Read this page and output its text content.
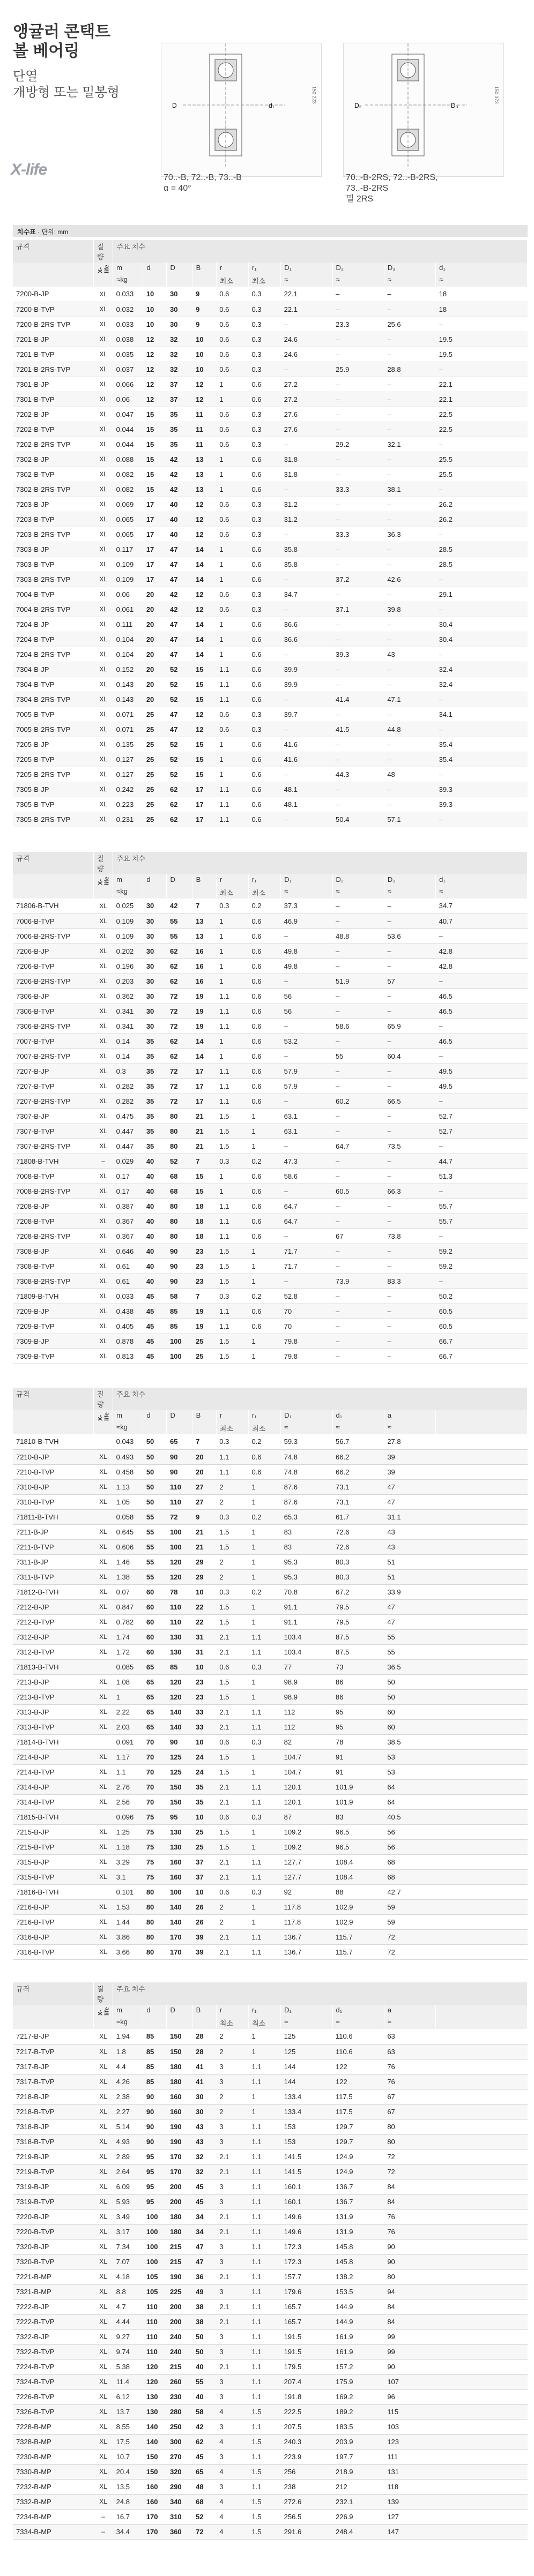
앵귤러 콘택트
볼 베어링
단열
개방형 또는 밀봉형
X-life
D	d₁
150 223
D₂	D₃
150 373
70..-B, 72..-B, 73..-B
α = 40°
70..-B-2RS, 72..-B-2RS,
73..-B-2RS
밀 2RS
치수표 · 단위: mm
규격	질량	주요 치수									
	X-life	m	d	D	B	r	r₁	D₁	D₂	D₃	d₁
		≈kg				최소	최소	≈	≈	≈	≈
7200-B-JP	XL	0.033	10	30	9	0.6	0.3	22.1	–	–	18
7200-B-TVP	XL	0.032	10	30	9	0.6	0.3	22.1	–	–	18
7200-B-2RS-TVP	XL	0.033	10	30	9	0.6	0.3	–	23.3	25.6	–
7201-B-JP	XL	0.038	12	32	10	0.6	0.3	24.6	–	–	19.5
7201-B-TVP	XL	0.035	12	32	10	0.6	0.3	24.6	–	–	19.5
7201-B-2RS-TVP	XL	0.037	12	32	10	0.6	0.3	–	25.9	28.8	–
7301-B-JP	XL	0.066	12	37	12	1	0.6	27.2	–	–	22.1
7301-B-TVP	XL	0.06	12	37	12	1	0.6	27.2	–	–	22.1
7202-B-JP	XL	0.047	15	35	11	0.6	0.3	27.6	–	–	22.5
7202-B-TVP	XL	0.044	15	35	11	0.6	0.3	27.6	–	–	22.5
7202-B-2RS-TVP	XL	0.044	15	35	11	0.6	0.3	–	29.2	32.1	–
7302-B-JP	XL	0.088	15	42	13	1	0.6	31.8	–	–	25.5
7302-B-TVP	XL	0.082	15	42	13	1	0.6	31.8	–	–	25.5
7302-B-2RS-TVP	XL	0.082	15	42	13	1	0.6	–	33.3	38.1	–
7203-B-JP	XL	0.069	17	40	12	0.6	0.3	31.2	–	–	26.2
7203-B-TVP	XL	0.065	17	40	12	0.6	0.3	31.2	–	–	26.2
7203-B-2RS-TVP	XL	0.065	17	40	12	0.6	0.3	–	33.3	36.3	–
7303-B-JP	XL	0.117	17	47	14	1	0.6	35.8	–	–	28.5
7303-B-TVP	XL	0.109	17	47	14	1	0.6	35.8	–	–	28.5
7303-B-2RS-TVP	XL	0.109	17	47	14	1	0.6	–	37.2	42.6	–
7004-B-TVP	XL	0.06	20	42	12	0.6	0.3	34.7	–	–	29.1
7004-B-2RS-TVP	XL	0.061	20	42	12	0.6	0.3	–	37.1	39.8	–
7204-B-JP	XL	0.111	20	47	14	1	0.6	36.6	–	–	30.4
7204-B-TVP	XL	0.104	20	47	14	1	0.6	36.6	–	–	30.4
7204-B-2RS-TVP	XL	0.104	20	47	14	1	0.6	–	39.3	43	–
7304-B-JP	XL	0.152	20	52	15	1.1	0.6	39.9	–	–	32.4
7304-B-TVP	XL	0.143	20	52	15	1.1	0.6	39.9	–	–	32.4
7304-B-2RS-TVP	XL	0.143	20	52	15	1.1	0.6	–	41.4	47.1	–
7005-B-TVP	XL	0.071	25	47	12	0.6	0.3	39.7	–	–	34.1
7005-B-2RS-TVP	XL	0.071	25	47	12	0.6	0.3	–	41.5	44.8	–
7205-B-JP	XL	0.135	25	52	15	1	0.6	41.6	–	–	35.4
7205-B-TVP	XL	0.127	25	52	15	1	0.6	41.6	–	–	35.4
7205-B-2RS-TVP	XL	0.127	25	52	15	1	0.6	–	44.3	48	–
7305-B-JP	XL	0.242	25	62	17	1.1	0.6	48.1	–	–	39.3
7305-B-TVP	XL	0.223	25	62	17	1.1	0.6	48.1	–	–	39.3
7305-B-2RS-TVP	XL	0.231	25	62	17	1.1	0.6	–	50.4	57.1	–
규격	질량	주요 치수									
	X-life	m	d	D	B	r	r₁	D₁	D₂	D₃	d₁
		≈kg				최소	최소	≈	≈	≈	≈
71806-B-TVH	XL	0.025	30	42	7	0.3	0.2	37.3	–	–	34.7
7006-B-TVP	XL	0.109	30	55	13	1	0.6	46.9	–	–	40.7
7006-B-2RS-TVP	XL	0.109	30	55	13	1	0.6	–	48.8	53.6	–
7206-B-JP	XL	0.202	30	62	16	1	0.6	49.8	–	–	42.8
7206-B-TVP	XL	0.196	30	62	16	1	0.6	49.8	–	–	42.8
7206-B-2RS-TVP	XL	0.203	30	62	16	1	0.6	–	51.9	57	–
7306-B-JP	XL	0.362	30	72	19	1.1	0.6	56	–	–	46.5
7306-B-TVP	XL	0.341	30	72	19	1.1	0.6	56	–	–	46.5
7306-B-2RS-TVP	XL	0.341	30	72	19	1.1	0.6	–	58.6	65.9	–
7007-B-TVP	XL	0.14	35	62	14	1	0.6	53.2	–	–	46.5
7007-B-2RS-TVP	XL	0.14	35	62	14	1	0.6	–	55	60.4	–
7207-B-JP	XL	0.3	35	72	17	1.1	0.6	57.9	–	–	49.5
7207-B-TVP	XL	0.282	35	72	17	1.1	0.6	57.9	–	–	49.5
7207-B-2RS-TVP	XL	0.282	35	72	17	1.1	0.6	–	60.2	66.5	–
7307-B-JP	XL	0.475	35	80	21	1.5	1	63.1	–	–	52.7
7307-B-TVP	XL	0.447	35	80	21	1.5	1	63.1	–	–	52.7
7307-B-2RS-TVP	XL	0.447	35	80	21	1.5	1	–	64.7	73.5	–
71808-B-TVH	–	0.029	40	52	7	0.3	0.2	47.3	–	–	44.7
7008-B-TVP	XL	0.17	40	68	15	1	0.6	58.6	–	–	51.3
7008-B-2RS-TVP	XL	0.17	40	68	15	1	0.6	–	60.5	66.3	–
7208-B-JP	XL	0.387	40	80	18	1.1	0.6	64.7	–	–	55.7
7208-B-TVP	XL	0.367	40	80	18	1.1	0.6	64.7	–	–	55.7
7208-B-2RS-TVP	XL	0.367	40	80	18	1.1	0.6	–	67	73.8	–
7308-B-JP	XL	0.646	40	90	23	1.5	1	71.7	–	–	59.2
7308-B-TVP	XL	0.61	40	90	23	1.5	1	71.7	–	–	59.2
7308-B-2RS-TVP	XL	0.61	40	90	23	1.5	1	–	73.9	83.3	–
71809-B-TVH	XL	0.033	45	58	7	0.3	0.2	52.8	–	–	50.2
7209-B-JP	XL	0.438	45	85	19	1.1	0.6	70	–	–	60.5
7209-B-TVP	XL	0.405	45	85	19	1.1	0.6	70	–	–	60.5
7309-B-JP	XL	0.878	45	100	25	1.5	1	79.8	–	–	66.7
7309-B-TVP	XL	0.813	45	100	25	1.5	1	79.8	–	–	66.7
규격	질량	주요 치수									
	X-life	m	d	D	B	r	r₁	D₁	d₁	a	
		≈kg				최소	최소	≈	≈	≈	
71810-B-TVH		0.043	50	65	7	0.3	0.2	59.3	56.7	27.8	
7210-B-JP	XL	0.493	50	90	20	1.1	0.6	74.8	66.2	39	
7210-B-TVP	XL	0.458	50	90	20	1.1	0.6	74.8	66.2	39	
7310-B-JP	XL	1.13	50	110	27	2	1	87.6	73.1	47	
7310-B-TVP	XL	1.05	50	110	27	2	1	87.6	73.1	47	
71811-B-TVH		0.058	55	72	9	0.3	0.2	65.3	61.7	31.1	
7211-B-JP	XL	0.645	55	100	21	1.5	1	83	72.6	43	
7211-B-TVP	XL	0.606	55	100	21	1.5	1	83	72.6	43	
7311-B-JP	XL	1.46	55	120	29	2	1	95.3	80.3	51	
7311-B-TVP	XL	1.38	55	120	29	2	1	95.3	80.3	51	
71812-B-TVH	XL	0.07	60	78	10	0.3	0.2	70.8	67.2	33.9	
7212-B-JP	XL	0.847	60	110	22	1.5	1	91.1	79.5	47	
7212-B-TVP	XL	0.782	60	110	22	1.5	1	91.1	79.5	47	
7312-B-JP	XL	1.74	60	130	31	2.1	1.1	103.4	87.5	55	
7312-B-TVP	XL	1.72	60	130	31	2.1	1.1	103.4	87.5	55	
71813-B-TVH		0.085	65	85	10	0.6	0.3	77	73	36.5	
7213-B-JP	XL	1.08	65	120	23	1.5	1	98.9	86	50	
7213-B-TVP	XL	1	65	120	23	1.5	1	98.9	86	50	
7313-B-JP	XL	2.22	65	140	33	2.1	1.1	112	95	60	
7313-B-TVP	XL	2.03	65	140	33	2.1	1.1	112	95	60	
71814-B-TVH		0.091	70	90	10	0.6	0.3	82	78	38.5	
7214-B-JP	XL	1.17	70	125	24	1.5	1	104.7	91	53	
7214-B-TVP	XL	1.1	70	125	24	1.5	1	104.7	91	53	
7314-B-JP	XL	2.76	70	150	35	2.1	1.1	120.1	101.9	64	
7314-B-TVP	XL	2.56	70	150	35	2.1	1.1	120.1	101.9	64	
71815-B-TVH		0.096	75	95	10	0.6	0.3	87	83	40.5	
7215-B-JP	XL	1.25	75	130	25	1.5	1	109.2	96.5	56	
7215-B-TVP	XL	1.18	75	130	25	1.5	1	109.2	96.5	56	
7315-B-JP	XL	3.29	75	160	37	2.1	1.1	127.7	108.4	68	
7315-B-TVP	XL	3.1	75	160	37	2.1	1.1	127.7	108.4	68	
71816-B-TVH		0.101	80	100	10	0.6	0.3	92	88	42.7	
7216-B-JP	XL	1.53	80	140	26	2	1	117.8	102.9	59	
7216-B-TVP	XL	1.44	80	140	26	2	1	117.8	102.9	59	
7316-B-JP	XL	3.86	80	170	39	2.1	1.1	136.7	115.7	72	
7316-B-TVP	XL	3.66	80	170	39	2.1	1.1	136.7	115.7	72	
규격	질량	주요 치수									
	X-life	m	d	D	B	r	r₁	D₁	d₁	a	
		≈kg				최소	최소	≈	≈	≈	
7217-B-JP	XL	1.94	85	150	28	2	1	125	110.6	63	
7217-B-TVP	XL	1.8	85	150	28	2	1	125	110.6	63	
7317-B-JP	XL	4.4	85	180	41	3	1.1	144	122	76	
7317-B-TVP	XL	4.26	85	180	41	3	1.1	144	122	76	
7218-B-JP	XL	2.38	90	160	30	2	1	133.4	117.5	67	
7218-B-TVP	XL	2.27	90	160	30	2	1	133.4	117.5	67	
7318-B-JP	XL	5.14	90	190	43	3	1.1	153	129.7	80	
7318-B-TVP	XL	4.93	90	190	43	3	1.1	153	129.7	80	
7219-B-JP	XL	2.89	95	170	32	2.1	1.1	141.5	124.9	72	
7219-B-TVP	XL	2.64	95	170	32	2.1	1.1	141.5	124.9	72	
7319-B-JP	XL	6.09	95	200	45	3	1.1	160.1	136.7	84	
7319-B-TVP	XL	5.93	95	200	45	3	1.1	160.1	136.7	84	
7220-B-JP	XL	3.49	100	180	34	2.1	1.1	149.6	131.9	76	
7220-B-TVP	XL	3.17	100	180	34	2.1	1.1	149.6	131.9	76	
7320-B-JP	XL	7.34	100	215	47	3	1.1	172.3	145.8	90	
7320-B-TVP	XL	7.07	100	215	47	3	1.1	172.3	145.8	90	
7221-B-MP	XL	4.18	105	190	36	2.1	1.1	157.7	138.2	80	
7321-B-MP	XL	8.8	105	225	49	3	1.1	179.6	153.5	94	
7222-B-JP	XL	4.7	110	200	38	2.1	1.1	165.7	144.9	84	
7222-B-TVP	XL	4.44	110	200	38	2.1	1.1	165.7	144.9	84	
7322-B-JP	XL	9.27	110	240	50	3	1.1	191.5	161.9	99	
7322-B-TVP	XL	9.74	110	240	50	3	1.1	191.5	161.9	99	
7224-B-TVP	XL	5.38	120	215	40	2.1	1.1	179.5	157.2	90	
7324-B-TVP	XL	11.4	120	260	55	3	1.1	207.4	175.9	107	
7226-B-TVP	XL	6.12	130	230	40	3	1.1	191.8	169.2	96	
7326-B-TVP	XL	13.7	130	280	58	4	1.5	222.5	189.2	115	
7228-B-MP	XL	8.55	140	250	42	3	1.1	207.5	183.5	103	
7328-B-MP	XL	17.5	140	300	62	4	1.5	240.3	203.9	123	
7230-B-MP	XL	10.7	150	270	45	3	1.1	223.9	197.7	111	
7330-B-MP	XL	20.4	150	320	65	4	1.5	256	218.9	131	
7232-B-MP	XL	13.5	160	290	48	3	1.1	238	212	118	
7332-B-MP	XL	24.8	160	340	68	4	1.5	272.6	232.1	139	
7234-B-MP	–	16.7	170	310	52	4	1.5	256.5	226.9	127	
7334-B-MP	–	34.4	170	360	72	4	1.5	291.6	248.4	147	
